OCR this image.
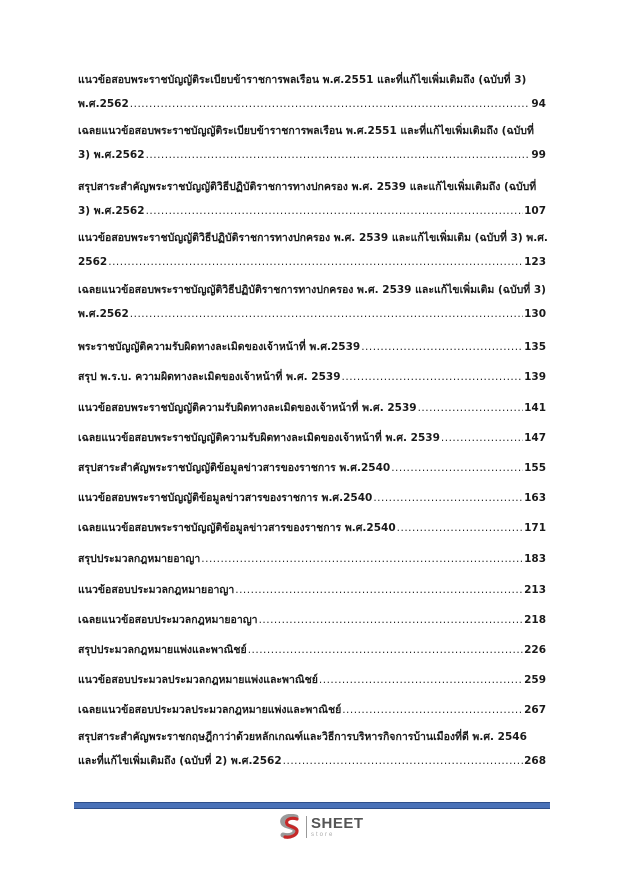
แนวข้อสอบพระราชบัญญัติระเบียบข้าราชการพลเรือน พ.ศ.2551 และที่แก้ไขเพิ่มเติมถึง (ฉบับที่ 3)
พ.ศ.2562 .....	94
เฉลยแนวข้อสอบพระราชบัญญัติระเบียบข้าราชการพลเรือน พ.ศ.2551 และที่แก้ไขเพิ่มเติมถึง (ฉบับที่
3) พ.ศ.2562 .....	99
สรุปสาระสำคัญพระราชบัญญัติวิธีปฏิบัติราชการทางปกครอง พ.ศ. 2539 และแก้ไขเพิ่มเติมถึง (ฉบับที่
3) พ.ศ.2562 .....	107
แนวข้อสอบพระราชบัญญัติวิธีปฏิบัติราชการทางปกครอง พ.ศ. 2539 และแก้ไขเพิ่มเติม (ฉบับที่ 3) พ.ศ.
2562 .....	123
เฉลยแนวข้อสอบพระราชบัญญัติวิธีปฏิบัติราชการทางปกครอง พ.ศ. 2539 และแก้ไขเพิ่มเติม (ฉบับที่ 3)
พ.ศ.2562 .....	130
พระราชบัญญัติความรับผิดทางละเมิดของเจ้าหน้าที่ พ.ศ.2539 .....	135
สรุป พ.ร.บ. ความผิดทางละเมิดของเจ้าหน้าที่ พ.ศ. 2539 .....	139
แนวข้อสอบพระราชบัญญัติความรับผิดทางละเมิดของเจ้าหน้าที่ พ.ศ. 2539 .....	141
เฉลยแนวข้อสอบพระราชบัญญัติความรับผิดทางละเมิดของเจ้าหน้าที่ พ.ศ. 2539 .....	147
สรุปสาระสำคัญพระราชบัญญัติข้อมูลข่าวสารของราชการ พ.ศ.2540 .....	155
แนวข้อสอบพระราชบัญญัติข้อมูลข่าวสารของราชการ พ.ศ.2540 .....	163
เฉลยแนวข้อสอบพระราชบัญญัติข้อมูลข่าวสารของราชการ พ.ศ.2540 .....	171
สรุปประมวลกฎหมายอาญา .....	183
แนวข้อสอบประมวลกฎหมายอาญา .....	213
เฉลยแนวข้อสอบประมวลกฎหมายอาญา .....	218
สรุปประมวลกฎหมายแพ่งและพาณิชย์ .....	226
แนวข้อสอบประมวลประมวลกฎหมายแพ่งและพาณิชย์ .....	259
เฉลยแนวข้อสอบประมวลประมวลกฎหมายแพ่งและพาณิชย์ .....	267
สรุปสาระสำคัญพระราชกฤษฎีกาว่าด้วยหลักเกณฑ์และวิธีการบริหารกิจการบ้านเมืองที่ดี พ.ศ. 2546
และที่แก้ไขเพิ่มเติมถึง (ฉบับที่ 2) พ.ศ.2562 .....	268
SHEET
store
